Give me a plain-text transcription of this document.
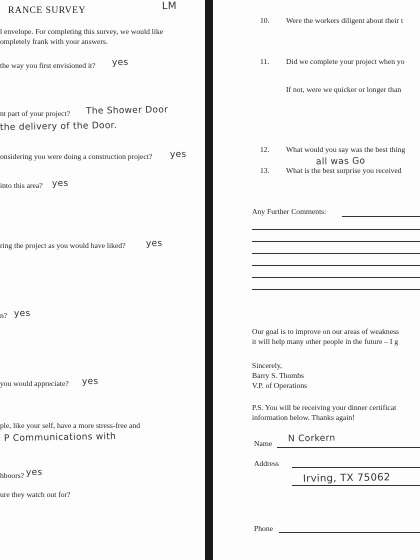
RANCE SURVEY	LM
l envelope. For completing this survey, we would like
ompletely frank with your answers.
the way you first envisioned it? yes
nt part of your project? The Shower Door
the delivery of the Door.
onsidering you were doing a construction project? yes
into this area? yes
ring the project as you would have liked? yes
n? yes
you would appreciate? yes
ple, like your self, have a more stress-free and
P Communications with
hboors? yes
ure they watch out for?
10. Were the workers diligent about their t
11. Did we complete your project when yo
If not, were we quicker or longer than
12. What would you say was the best thing
all was Go
13. What is the best surprise you received
Any Further Comments:
Our goal is to improve on our areas of weakness
it will help many other people in the future – I g
Sincerely,
Barry S. Thombs
V.P. of Operations
P.S. You will be receiving your dinner certificat
information below. Thanks again!
Name N Corkern
Address
Irving, TX 75062
Phone
